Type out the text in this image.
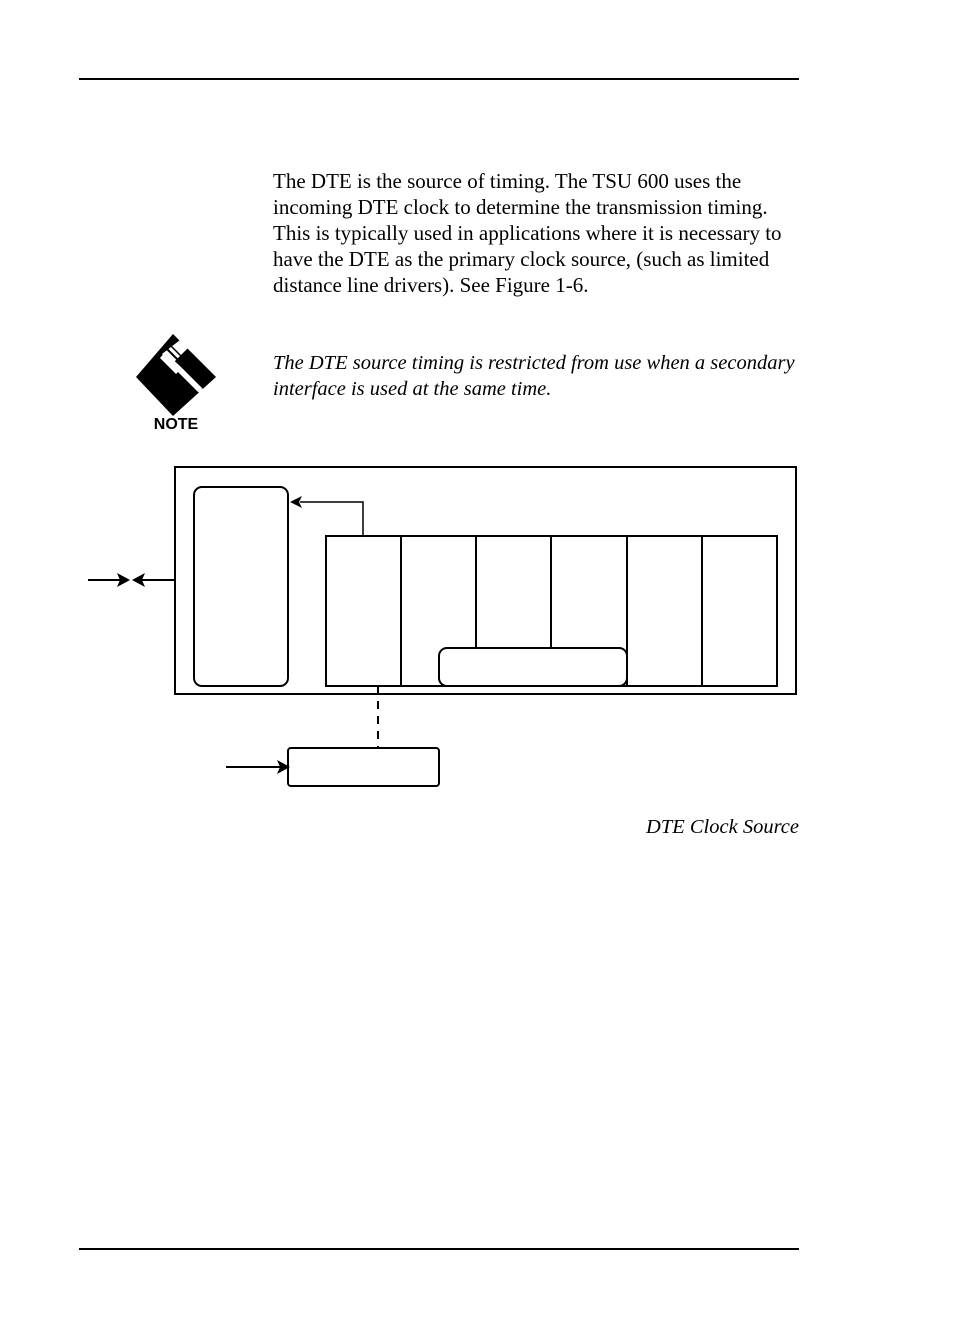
The DTE is the source of timing. The TSU 600 uses the incoming DTE clock to determine the transmission timing. This is typically used in applications where it is necessary to have the DTE as the primary clock source, (such as limited distance line drivers). See Figure 1-6.

NOTE

The DTE source timing is restricted from use when a secondary interface is used at the same time.

DTE Clock Source
